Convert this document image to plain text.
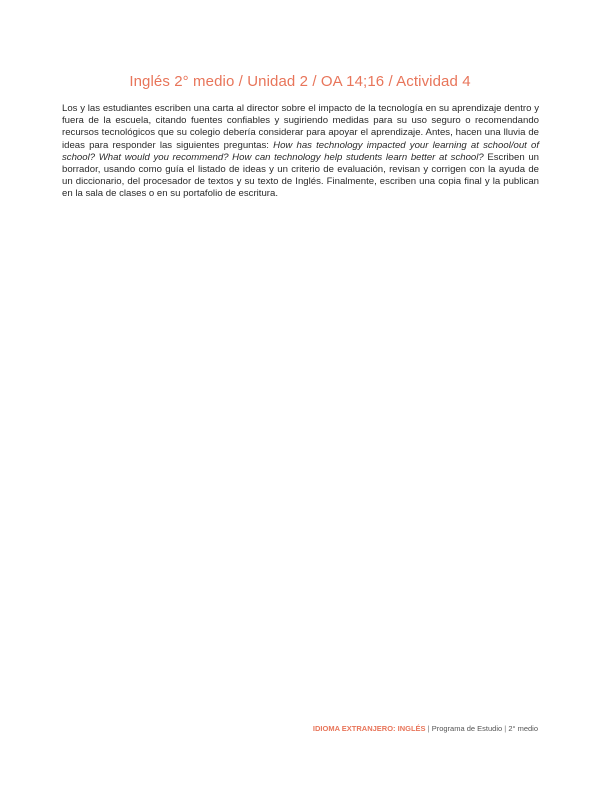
Inglés 2° medio / Unidad 2 / OA 14;16 / Actividad 4

Los y las estudiantes escriben una carta al director sobre el impacto de la tecnología en su aprendizaje dentro y fuera de la escuela, citando fuentes confiables y sugiriendo medidas para su uso seguro o recomendando recursos tecnológicos que su colegio debería considerar para apoyar el aprendizaje. Antes, hacen una lluvia de ideas para responder las siguientes preguntas: How has technology impacted your learning at school/out of school? What would you recommend? How can technology help students learn better at school? Escriben un borrador, usando como guía el listado de ideas y un criterio de evaluación, revisan y corrigen con la ayuda de un diccionario, del procesador de textos y su texto de Inglés. Finalmente, escriben una copia final y la publican en la sala de clases o en su portafolio de escritura.

IDIOMA EXTRANJERO: INGLÉS | Programa de Estudio | 2° medio
